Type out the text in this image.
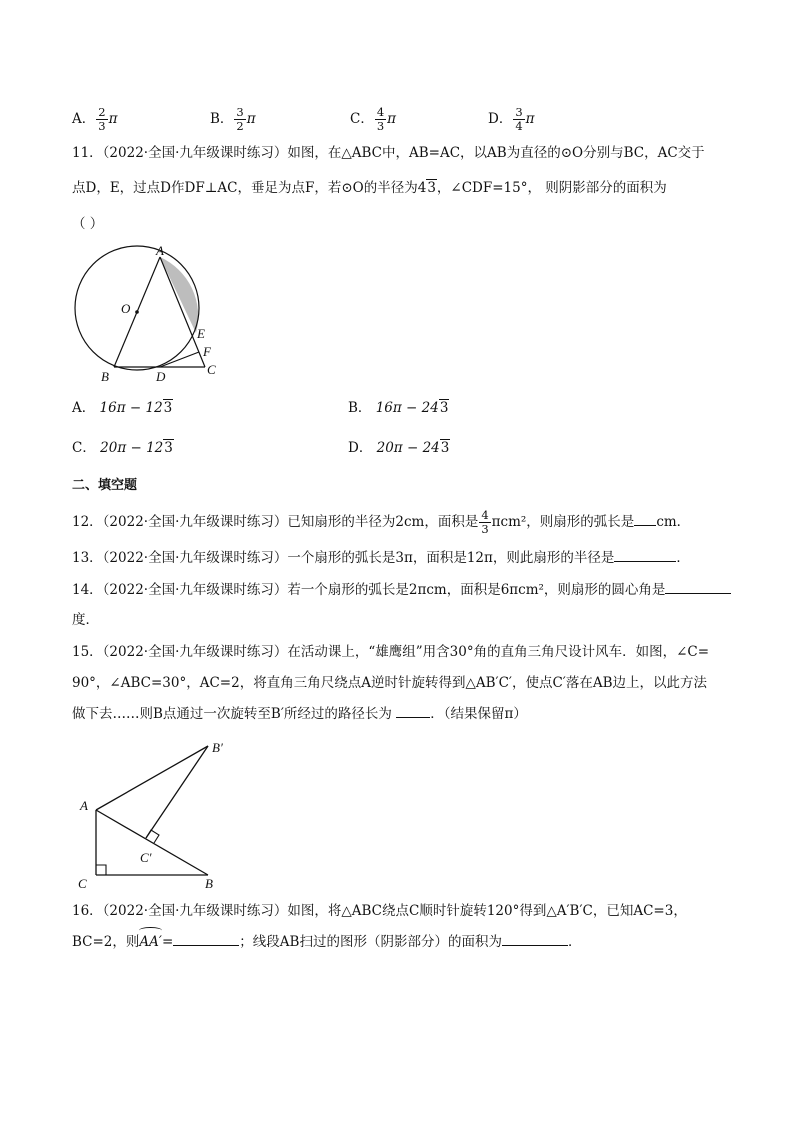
A． $\frac{2}{3}$ π	B． $\frac{3}{2}$ π	C． $\frac{4}{3}$ π	D． $\frac{3}{4}$ π
11．（2022·全国·九年级课时练习）如图，在△ABC中，AB=AC，以AB为直径的⊙O分别与BC，AC交于
点D，E，过点D作DF⊥AC，垂足为点F，若⊙O的半径为43，∠CDF=15°， 则阴影部分的面积为
（ ）
A
O
E
F
B	D	C
A． 16π − 123	B． 16π − 243
C． 20π − 123	D． 20π − 243
二、填空题
12．（2022·全国·九年级课时练习）已知扇形的半径为2cm，面积是 $\frac{4}{3} \pi cm^2$，则扇形的弧长是 cm．
13．（2022·全国·九年级课时练习）一个扇形的弧长是3π，面积是12π，则此扇形的半径是	．
14．（2022·全国·九年级课时练习）若一个扇形的弧长是2πcm，面积是6πcm²，则扇形的圆心角是
度．
15．（2022·全国·九年级课时练习）在活动课上，“雄鹰组”用含30°角的直角三角尺设计风车．如图，∠C=
90°，∠ABC=30°，AC=2，将直角三角尺绕点A逆时针旋转得到△AB′C′，使点C′落在AB边上，以此方法
做下去……则B点通过一次旋转至B′所经过的路径长为	．（结果保留π）
B′
A
C′
C	B
16．（2022·全国·九年级课时练习）如图，将△ABC绕点C顺时针旋转120°得到△A′B′C，已知AC=3，
BC=2，则
AA′=	；线段AB扫过的图形（阴影部分）的面积为	．
